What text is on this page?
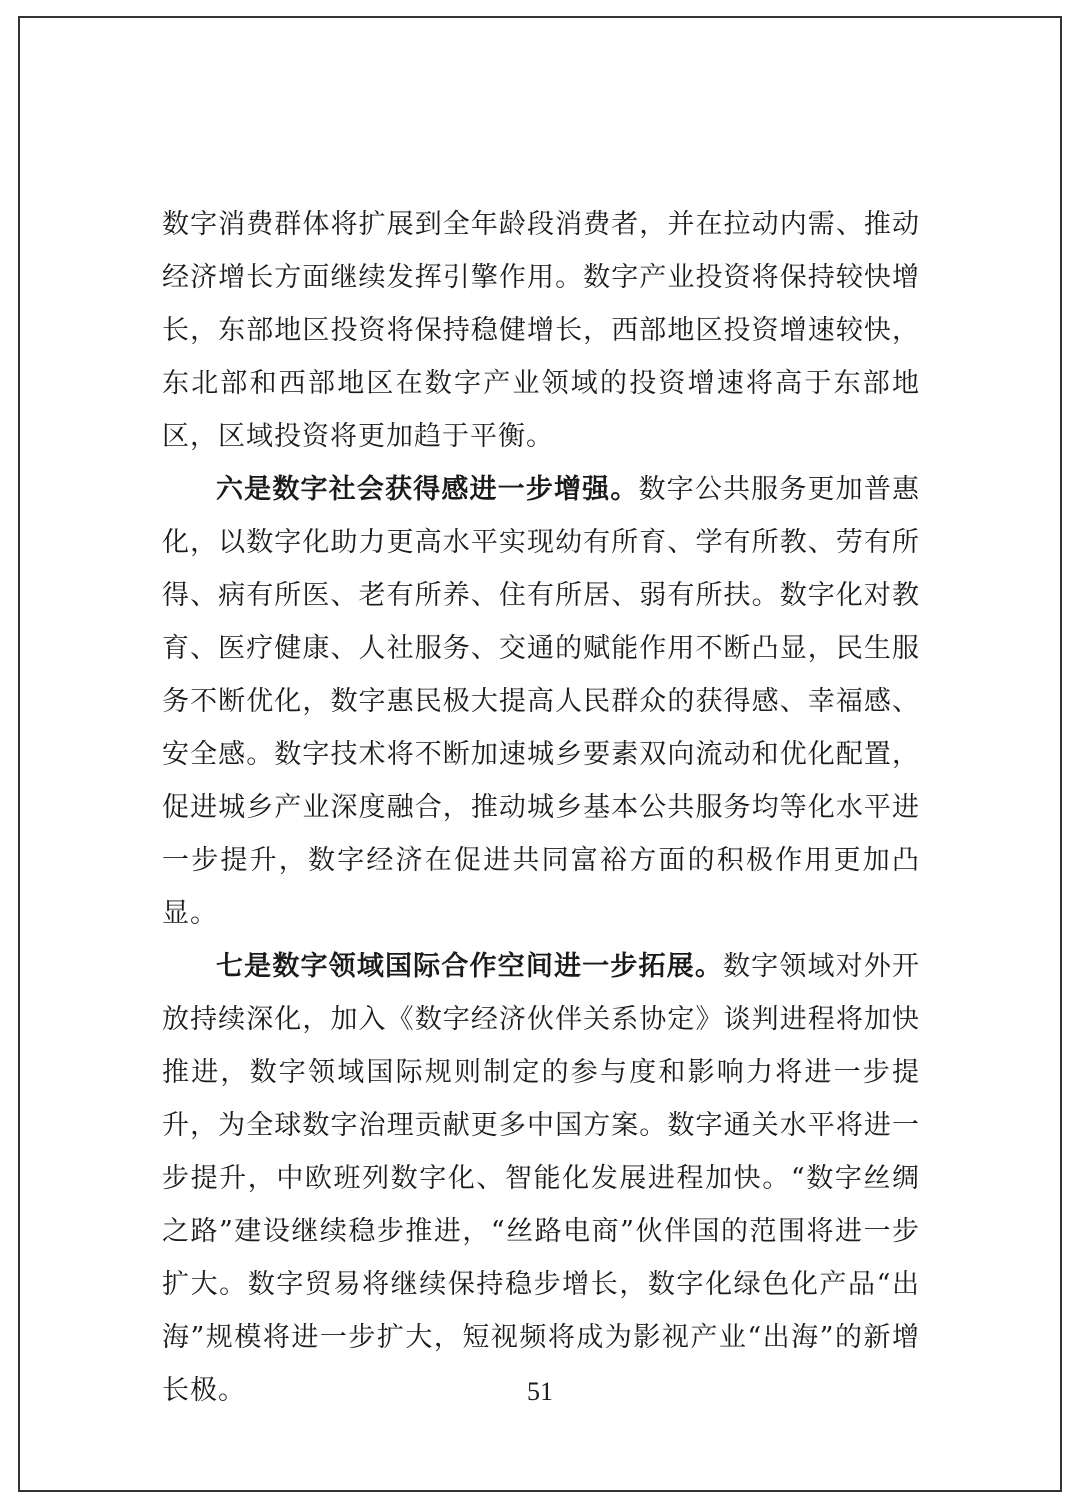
数字消费群体将扩展到全年龄段消费者，并在拉动内需、推动经济增长方面继续发挥引擎作用。数字产业投资将保持较快增长，东部地区投资将保持稳健增长，西部地区投资增速较快，东北部和西部地区在数字产业领域的投资增速将高于东部地区，区域投资将更加趋于平衡。

六是数字社会获得感进一步增强。数字公共服务更加普惠化，以数字化助力更高水平实现幼有所育、学有所教、劳有所得、病有所医、老有所养、住有所居、弱有所扶。数字化对教育、医疗健康、人社服务、交通的赋能作用不断凸显，民生服务不断优化，数字惠民极大提高人民群众的获得感、幸福感、安全感。数字技术将不断加速城乡要素双向流动和优化配置，促进城乡产业深度融合，推动城乡基本公共服务均等化水平进一步提升，数字经济在促进共同富裕方面的积极作用更加凸显。

七是数字领域国际合作空间进一步拓展。数字领域对外开放持续深化，加入《数字经济伙伴关系协定》谈判进程将加快推进，数字领域国际规则制定的参与度和影响力将进一步提升，为全球数字治理贡献更多中国方案。数字通关水平将进一步提升，中欧班列数字化、智能化发展进程加快。“数字丝绸之路”建设继续稳步推进，“丝路电商”伙伴国的范围将进一步扩大。数字贸易将继续保持稳步增长，数字化绿色化产品“出海”规模将进一步扩大，短视频将成为影视产业“出海”的新增长极。	51
